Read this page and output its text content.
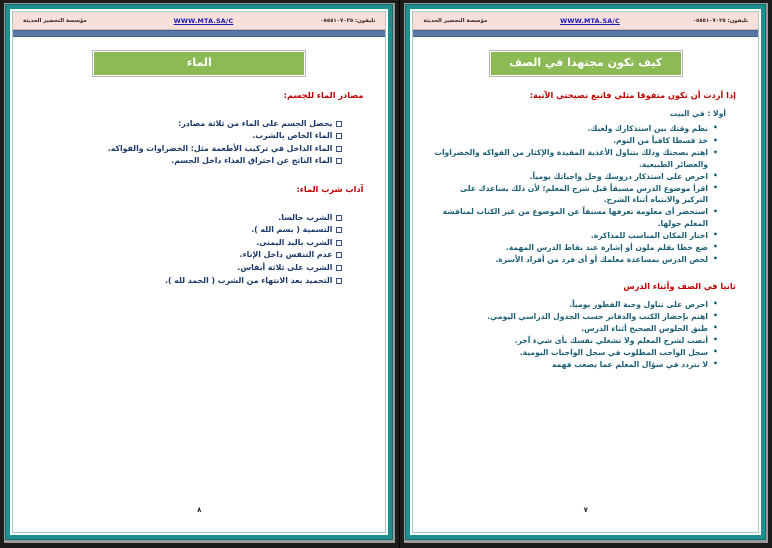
تليفون: ٠٥٥٥١٠٧٠٢٥
WWW.MTA.SA/C
مؤسسة التحضير الحديثة
كيف تكون مجتهدا في الصف
إذا أردت أن تكون متفوقا مثلي فاتبع نصيحتي الآتية:
أولا : في البيت
• نظم وقتك بين استذكارك ولعبك.
• خذ قسطا كافياً من النوم.
• اهتم بصحتك وذلك بتناول الأغذية المفيدة والإكثار من الفواكه والخضراوات والعصائر الطبيعية.
• احرص على استذكار دروسك وحل واجباتك يومياً.
• اقرأ موضوع الدرس مسبقاً قبل شرح المعلم؛ لأن ذلك يساعدك على التركيز والانتباه أثناء الشرح.
• استحضر أى معلومة تعرفها مسبقاً عن الموضوع من غير الكتاب لمناقشة المعلم حولها.
• اختار المكان المناسب للمذاكرة.
• ضع خطا بقلم ملون أو إشارة عند نقاط الدرس المهمة.
• لخص الدرس بمساعدة معلمك أو أى فرد من أفراد الأسرة.
ثانيا في الصف وأثناء الدرس
• احرص على تناول وجبة الفطور يومياً.
• اهتم بإحضار الكتب والدفاتر حسب الجدول الدراسي اليومي.
• طبق الجلوس الصحيح أثناء الدرس.
• أنصت لشرح المعلم ولا تشغلي نفسك بأى شيء آخر.
• سجل الواجب المطلوب في سجل الواجبات اليومية.
• لا نتردد في سؤال المعلم عما يصعب فهمه
٧
تليفون: ٠٥٥٥١٠٧٠٢٥
WWW.MTA.SA/C
مؤسسة التحضير الحديثة
الماء
مصادر الماء للجسم:
يحصل الجسم على الماء من ثلاثة مصادر:
الماء الخاص بالشرب.
الماء الداخل في تركيب الأطعمة مثل: الخضراوات والفواكه.
الماء الناتج عن احتراق الغذاء داخل الجسم.
آداب شرب الماء:
الشرب جالسا.
التسمية ( بسم الله ).
الشرب باليد اليمنى.
عدم التنفس داخل الإناء.
الشرب على ثلاثة أنفاس.
التحميد بعد الانتهاء من الشرب ( الحمد لله ).
٨
